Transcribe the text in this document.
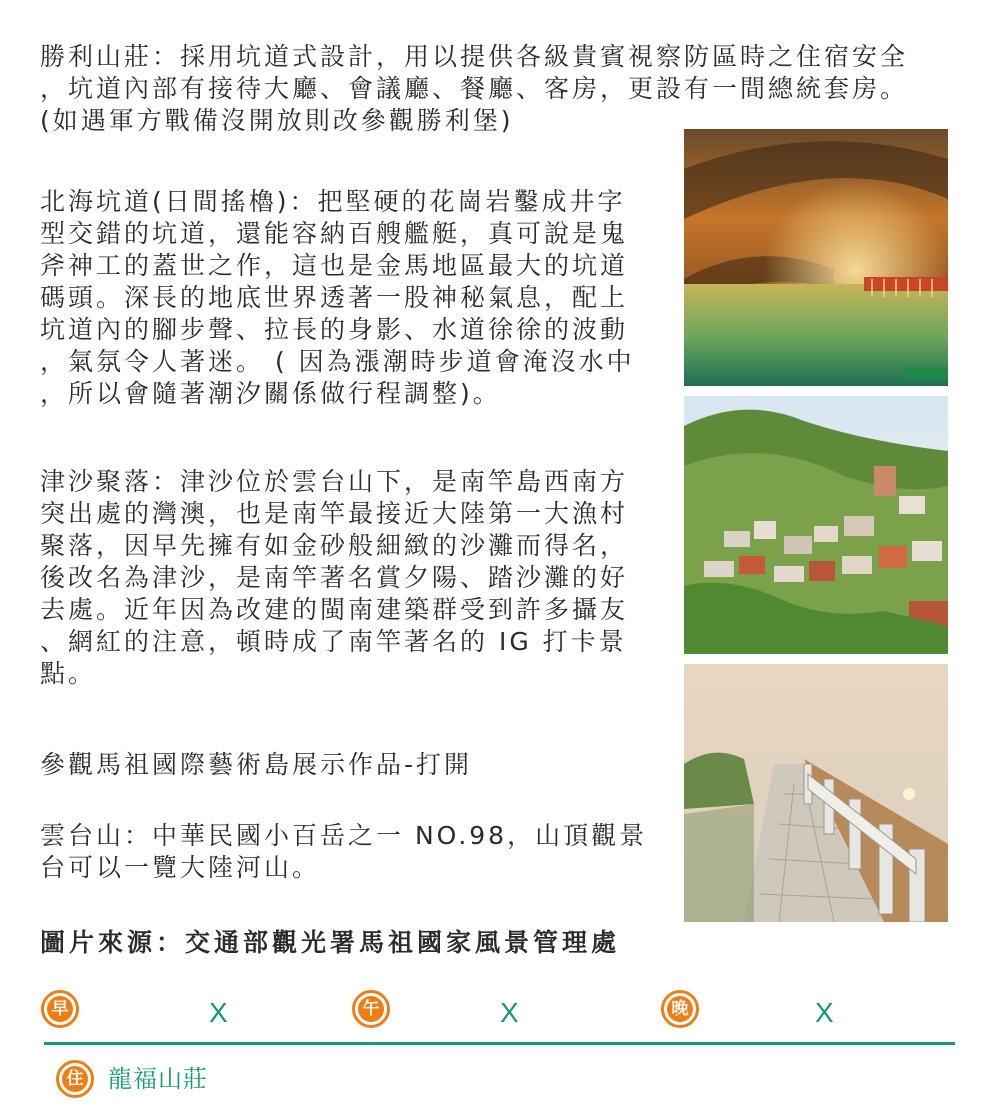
勝利山莊：採用坑道式設計，用以提供各級貴賓視察防區時之住宿安全
，坑道內部有接待大廳、會議廳、餐廳、客房，更設有一間總統套房。
(如遇軍方戰備沒開放則改參觀勝利堡)

北海坑道(日間搖櫓)：把堅硬的花崗岩鑿成井字
型交錯的坑道，還能容納百艘艦艇，真可說是鬼
斧神工的蓋世之作，這也是金馬地區最大的坑道
碼頭。深長的地底世界透著一股神秘氣息，配上
坑道內的腳步聲、拉長的身影、水道徐徐的波動
，氣氛令人著迷。 ( 因為漲潮時步道會淹沒水中
，所以會隨著潮汐關係做行程調整)。

津沙聚落：津沙位於雲台山下，是南竿島西南方
突出處的灣澳，也是南竿最接近大陸第一大漁村
聚落，因早先擁有如金砂般細緻的沙灘而得名，
後改名為津沙，是南竿著名賞夕陽、踏沙灘的好
去處。近年因為改建的閩南建築群受到許多攝友
、網紅的注意，頓時成了南竿著名的 IG 打卡景
點。

參觀馬祖國際藝術島展示作品-打開

雲台山：中華民國小百岳之一 NO.98，山頂觀景
台可以一覽大陸河山。

圖片來源：交通部觀光署馬祖國家風景管理處

早	X	午	X	晚	X
住 龍福山莊
